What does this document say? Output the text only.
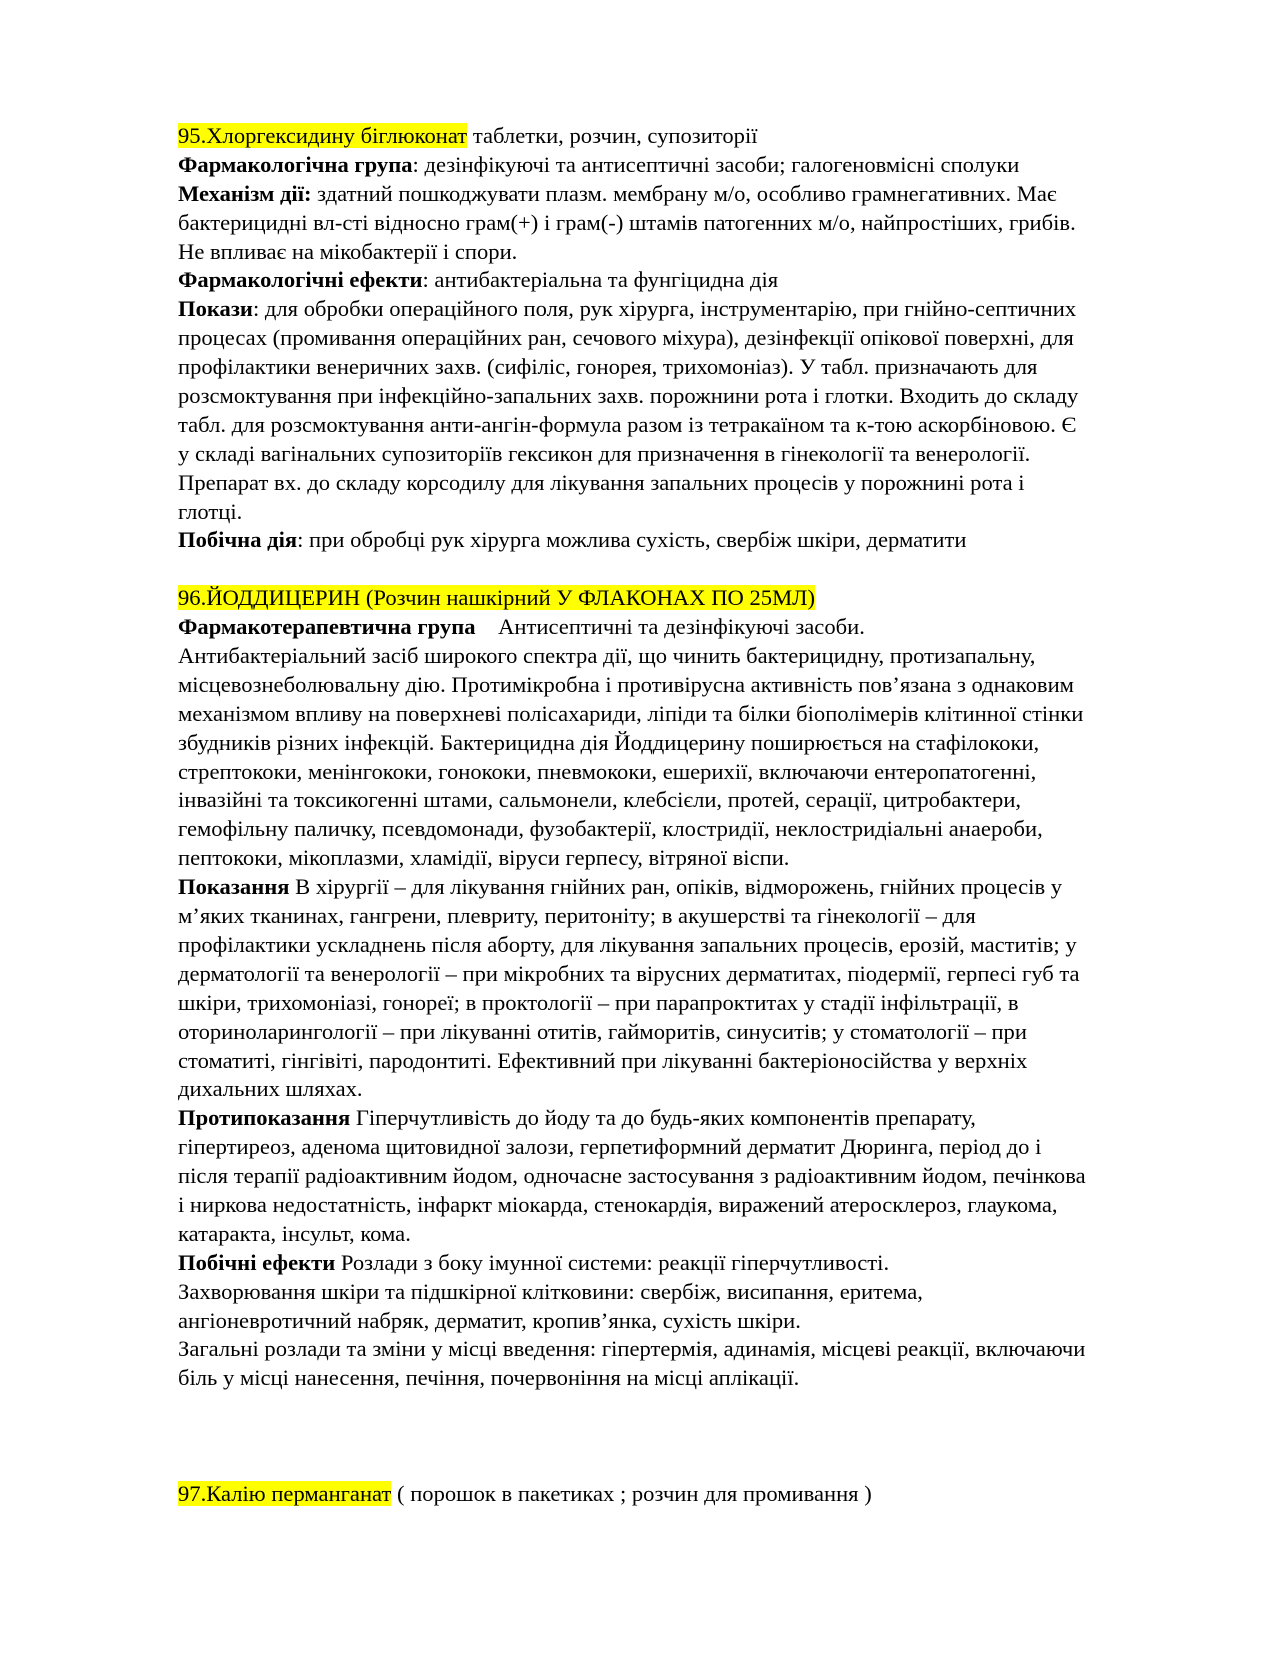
95.Хлоргексидину біглюконат таблетки, розчин, супозиторії
Фармакологічна група: дезінфікуючі та антисептичні засоби; галогеновмісні сполуки
Механізм дії: здатний пошкоджувати плазм. мембрану м/о, особливо грамнегативних. Має
бактерицидні вл-сті відносно грам(+) і грам(-) штамів патогенних м/о, найпростіших, грибів.
Не впливає на мікобактерії і спори.
Фармакологічні ефекти: антибактеріальна та фунгіцидна дія
Покази: для обробки операційного поля, рук хірурга, інструментарію, при гнійно-септичних
процесах (промивання операційних ран, сечового міхура), дезінфекції опікової поверхні, для
профілактики венеричних захв. (сифіліс, гонорея, трихомоніаз). У табл. призначають для
розсмоктування при інфекційно-запальних захв. порожнини рота і глотки. Входить до складу
табл. для розсмоктування анти-ангін-формула разом із тетракаїном та к-тою аскорбіновою. Є
у складі вагінальних супозиторіїв гексикон для призначення в гінекології та венерології.
Препарат вх. до складу корсодилу для лікування запальних процесів у порожнині рота і
глотці.
Побічна дія: при обробці рук хірурга можлива сухість, свербіж шкіри, дерматити
96.ЙОДДИЦЕРИН (Розчин нашкірний У ФЛАКОНАХ ПО 25МЛ)
Фармакотерапевтична група    Антисептичні та дезінфікуючі засоби.
Антибактеріальний засіб широкого спектра дії, що чинить бактерицидну, протизапальну,
місцевознеболювальну дію. Протимікробна і противірусна активність пов’язана з однаковим
механізмом впливу на поверхневі полісахариди, ліпіди та білки біополімерів клітинної стінки
збудників різних інфекцій. Бактерицидна дія Йоддицерину поширюється на стафілококи,
стрептококи, менінгококи, гонококи, пневмококи, ешерихії, включаючи ентеропатогенні,
інвазійні та токсикогенні штами, сальмонели, клебсієли, протей, серації, цитробактери,
гемофільну паличку, псевдомонади, фузобактерії, клостридії, неклостридіальні анаероби,
пептококи, мікоплазми, хламідії, віруси герпесу, вітряної віспи.
Показання В хірургії – для лікування гнійних ран, опіків, відморожень, гнійних процесів у
м’яких тканинах, гангрени, плевриту, перитоніту; в акушерстві та гінекології – для
профілактики ускладнень після аборту, для лікування запальних процесів, ерозій, маститів; у
дерматології та венерології – при мікробних та вірусних дерматитах, піодермії, герпесі губ та
шкіри, трихомоніазі, гонореї; в проктології – при парапроктитах у стадії інфільтрації, в
оториноларингології – при лікуванні отитів, гайморитів, синуситів; у стоматології – при
стоматиті, гінгівіті, пародонтиті. Ефективний при лікуванні бактеріоносійства у верхніх
дихальних шляхах.
Протипоказання Гіперчутливість до йоду та до будь-яких компонентів препарату,
гіпертиреоз, аденома щитовидної залози, герпетиформний дерматит Дюринга, період до і
після терапії радіоактивним йодом, одночасне застосування з радіоактивним йодом, печінкова
і ниркова недостатність, інфаркт міокарда, стенокардія, виражений атеросклероз, глаукома,
катаракта, інсульт, кома.
Побічні ефекти Розлади з боку імунної системи: реакції гіперчутливості.
Захворювання шкіри та підшкірної клітковини: свербіж, висипання, еритема,
ангіоневротичний набряк, дерматит, кропив’янка, сухість шкіри.
Загальні розлади та зміни у місці введення: гіпертермія, адинамія, місцеві реакції, включаючи
біль у місці нанесення, печіння, почервоніння на місці аплікації.
97.Калію перманганат ( порошок в пакетиках ; розчин для промивання )
